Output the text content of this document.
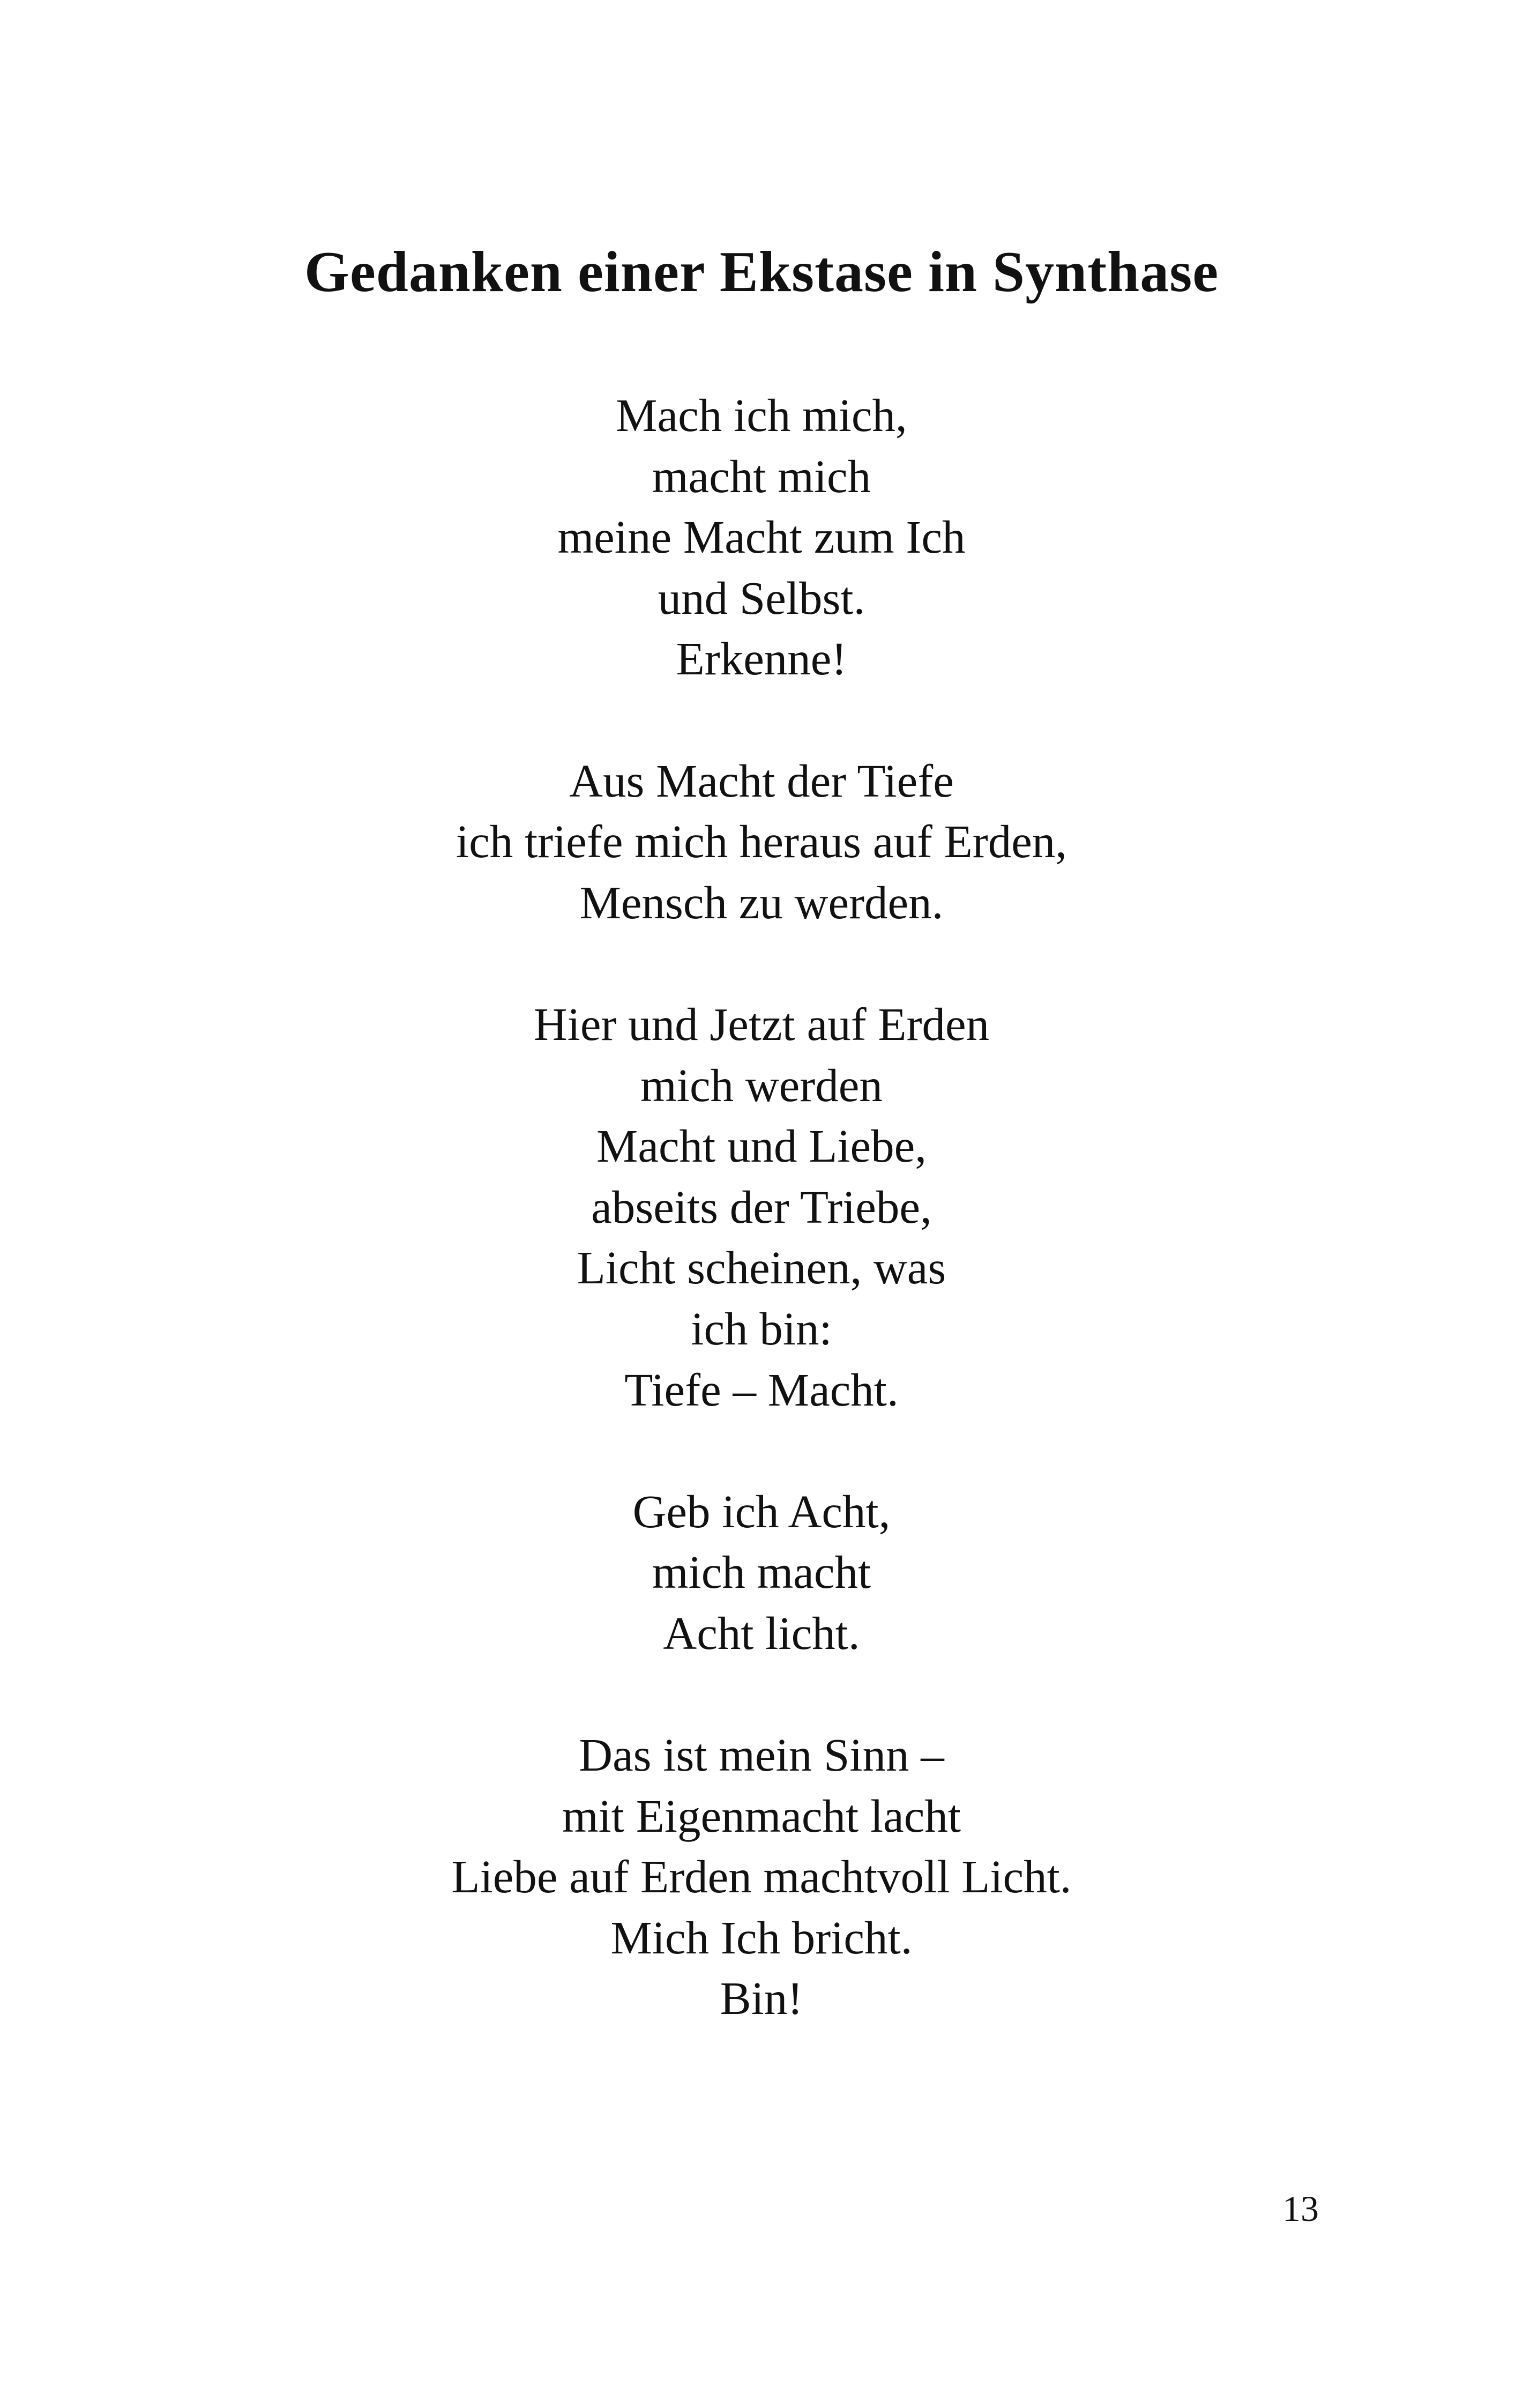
Gedanken einer Ekstase in Synthase
Mach ich mich,
macht mich
meine Macht zum Ich
und Selbst.
Erkenne!
Aus Macht der Tiefe
ich triefe mich heraus auf Erden,
Mensch zu werden.
Hier und Jetzt auf Erden
mich werden
Macht und Liebe,
abseits der Triebe,
Licht scheinen, was
ich bin:
Tiefe – Macht.
Geb ich Acht,
mich macht
Acht licht.
Das ist mein Sinn –
mit Eigenmacht lacht
Liebe auf Erden machtvoll Licht.
Mich Ich bricht.
Bin!
13
